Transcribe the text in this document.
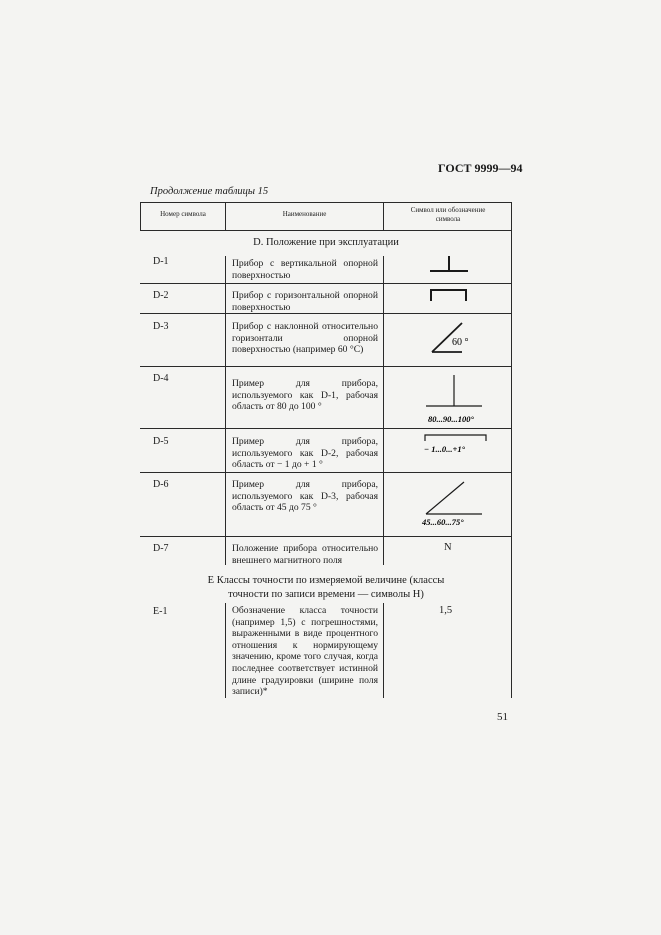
ГОСТ 9999—94
Продолжение таблицы 15
Номер символа	Наименование	Символ или обозначение символа
D. Положение при эксплуатации
D-1	Прибор с вертикальной опорной поверхностью
D-2	Прибор с горизонтальной опорной поверхностью
D-3	Прибор с наклонной относительно горизонтали опорной поверхностью (например 60 °С)
60 °
D-4	Пример для прибора, используемого как D-1, рабочая область от 80 до 100 °
80...90...100°
D-5	Пример для прибора, используемого как D-2, рабочая область от − 1 до + 1 °
− 1...0...+1°
D-6	Пример для прибора, используемого как D-3, рабочая область от 45 до 75 °
45...60...75°
D-7	Положение прибора относительно внешнего магнитного поля
N
Е Классы точности по измеряемой величине (классы точности по записи времени — символы Н)
Е-1	Обозначение класса точности (например 1,5) с погрешностями, выраженными в виде процентного отношения к нормирующему значению, кроме того случая, когда последнее соответствует истинной длине градуировки (ширине поля записи)*
1,5
51
